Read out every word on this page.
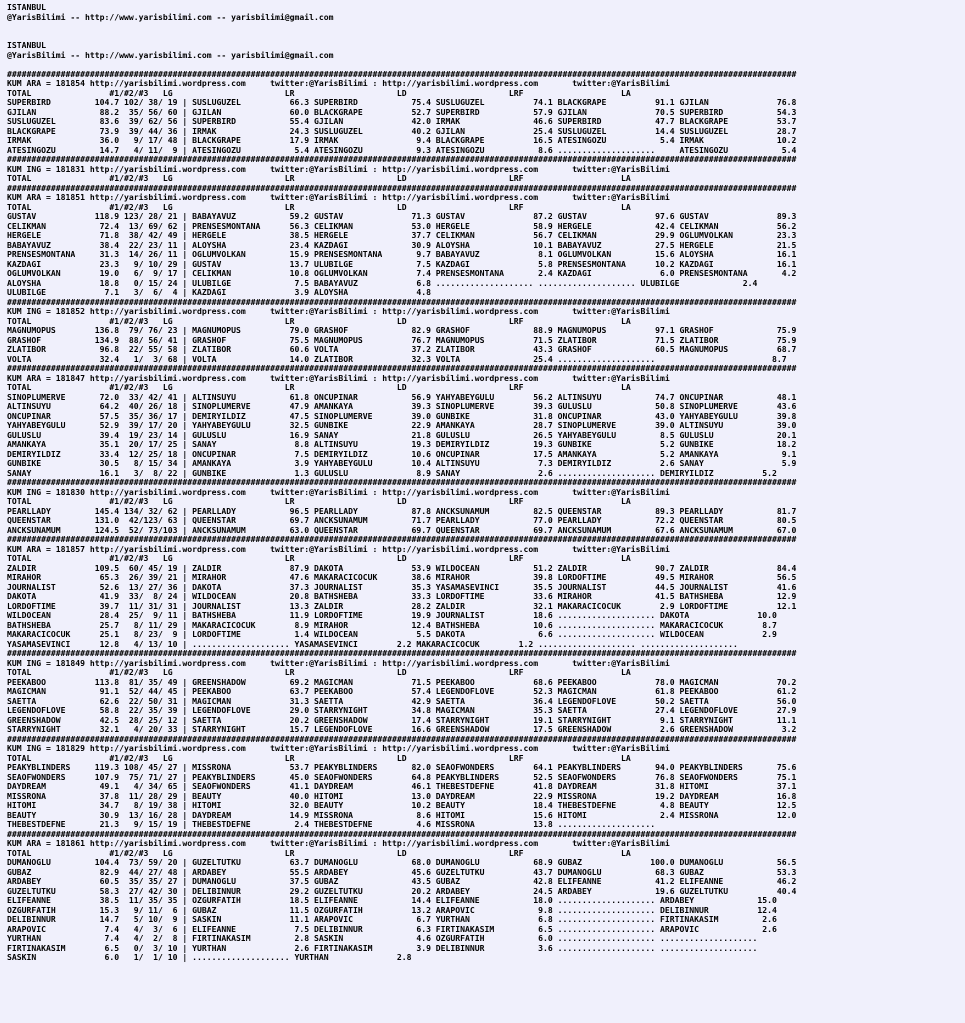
ISTANBUL
@YarisBilimi -- http://www.yarisbilimi.com -- yarisbilimi@gmail.com
ISTANBUL
@YarisBilimi -- http://www.yarisbilimi.com -- yarisbilimi@gmail.com

##################################################################################################################################################################
KUM ARA = 181854 http://yarisbilimi.wordpress.com     twitter:@YarisBilimi : http://yarisbilimi.wordpress.com       twitter:@YarisBilimi
TOTAL                #1/#2/#3   LG                       LR                     LD                     LRF                    LA
SUPERBIRD         104.7 102/ 38/ 19 | SUSLUGUZEL          66.3 SUPERBIRD           75.4 SUSLUGUZEL          74.1 BLACKGRAPE          91.1 GJILAN              76.8
GJILAN             88.2  35/ 56/ 60 | GJILAN              60.0 BLACKGRAPE          52.7 SUPERBIRD           57.9 GJILAN              70.5 SUPERBIRD           54.3
SUSLUGUZEL         83.6  39/ 62/ 56 | SUPERBIRD           55.4 GJILAN              42.0 IRMAK               46.6 SUPERBIRD           47.7 BLACKGRAPE          53.7
BLACKGRAPE         73.9  39/ 44/ 36 | IRMAK               24.3 SUSLUGUZEL          40.2 GJILAN              25.4 SUSLUGUZEL          14.4 SUSLUGUZEL          28.7
IRMAK              36.0   9/ 17/ 48 | BLACKGRAPE          17.9 IRMAK                9.4 BLACKGRAPE          16.5 ATESINGOZU           5.4 IRMAK               10.2
ATESINGOZU         14.7   4/ 11/  9 | ATESINGOZU           5.4 ATESINGOZU           9.3 ATESINGOZU           8.6 ....................     ATESINGOZU           5.4
##################################################################################################################################################################
KUM ING = 181831 http://yarisbilimi.wordpress.com     twitter:@YarisBilimi : http://yarisbilimi.wordpress.com       twitter:@YarisBilimi
TOTAL                #1/#2/#3   LG                       LR                     LD                     LRF                    LA
##################################################################################################################################################################
KUM ARA = 181851 http://yarisbilimi.wordpress.com     twitter:@YarisBilimi : http://yarisbilimi.wordpress.com       twitter:@YarisBilimi
TOTAL                #1/#2/#3   LG                       LR                     LD                     LRF                    LA
GUSTAV            118.9 123/ 28/ 21 | BABAYAVUZ           59.2 GUSTAV              71.3 GUSTAV              87.2 GUSTAV              97.6 GUSTAV              89.3
CELIKMAN           72.4  13/ 69/ 62 | PRENSESMONTANA      56.3 CELIKMAN            53.0 HERGELE             58.9 HERGELE             42.4 CELIKMAN            56.2
HERGELE            71.8  38/ 42/ 49 | HERGELE             38.5 HERGELE             37.7 CELIKMAN            56.7 CELIKMAN            29.9 OGLUMVOLKAN         23.3
BABAYAVUZ          38.4  22/ 23/ 11 | ALOYSHA             23.4 KAZDAGI             30.9 ALOYSHA             10.1 BABAYAVUZ           27.5 HERGELE             21.5
PRENSESMONTANA     31.3  14/ 26/ 11 | OGLUMVOLKAN         15.9 PRENSESMONTANA       9.7 BABAYAVUZ            8.1 OGLUMVOLKAN         15.6 ALOYSHA             16.1
KAZDAGI            23.3   9/ 10/ 29 | GUSTAV              13.7 ULUBILGE             7.5 KAZDAGI              5.8 PRENSESMONTANA      10.2 KAZDAGI             16.1
OGLUMVOLKAN        19.0   6/  9/ 17 | CELIKMAN            10.8 OGLUMVOLKAN          7.4 PRENSESMONTANA       2.4 KAZDAGI              6.0 PRENSESMONTANA       4.2
ALOYSHA            18.8   0/ 15/ 24 | ULUBILGE             7.5 BABAYAVUZ            6.8 .................... .................... ULUBILGE             2.4
ULUBILGE            7.1   3/  6/  4 | KAZDAGI              3.9 ALOYSHA              4.8
##################################################################################################################################################################
KUM ING = 181852 http://yarisbilimi.wordpress.com     twitter:@YarisBilimi : http://yarisbilimi.wordpress.com       twitter:@YarisBilimi
TOTAL                #1/#2/#3   LG                       LR                     LD                     LRF                    LA
MAGNUMOPUS        136.8  79/ 76/ 23 | MAGNUMOPUS          79.0 GRASHOF             82.9 GRASHOF             88.9 MAGNUMOPUS          97.1 GRASHOF             75.9
GRASHOF           134.9  88/ 56/ 41 | GRASHOF             75.5 MAGNUMOPUS          76.7 MAGNUMOPUS          71.5 ZLATIBOR            71.5 ZLATIBOR            75.9
ZLATIBOR           96.8  22/ 55/ 58 | ZLATIBOR            60.6 VOLTA               37.2 ZLATIBOR            43.3 GRASHOF             60.5 MAGNUMOPUS          68.7
VOLTA              32.4   1/  3/ 68 | VOLTA               14.0 ZLATIBOR            32.3 VOLTA               25.4 ....................                        8.7
##################################################################################################################################################################
KUM ARA = 181847 http://yarisbilimi.wordpress.com     twitter:@YarisBilimi : http://yarisbilimi.wordpress.com       twitter:@YarisBilimi
TOTAL                #1/#2/#3   LG                       LR                     LD                     LRF                    LA
SINOPLUMERVE       72.0  33/ 42/ 41 | ALTINSUYU           61.8 ONCUPINAR           56.9 YAHYABEYGULU        56.2 ALTINSUYU           74.7 ONCUPINAR           48.1
ALTINSUYU          64.2  40/ 26/ 18 | SINOPLUMERVE        47.9 AMANKAYA            39.3 SINOPLUMERVE        39.3 GULUSLU             50.8 SINOPLUMERVE        43.6
ONCUPINAR          57.5  35/ 36/ 17 | DEMIRYILDIZ         47.5 SINOPLUMERVE        39.0 GUNBIKE             31.8 ONCUPINAR           43.0 YAHYABEYGULU        39.8
YAHYABEYGULU       52.9  39/ 17/ 20 | YAHYABEYGULU        32.5 GUNBIKE             22.9 AMANKAYA            28.7 SINOPLUMERVE        39.0 ALTINSUYU           39.0
GULUSLU            39.4  19/ 23/ 14 | GULUSLU             16.9 SANAY               21.8 GULUSLU             26.5 YAHYABEYGULU         8.5 GULUSLU             20.1
AMANKAYA           35.1  20/ 17/ 25 | SANAY                8.8 ALTINSUYU           19.3 DEMIRYILDIZ         19.3 GUNBIKE              5.2 GUNBIKE             18.2
DEMIRYILDIZ        33.4  12/ 25/ 18 | ONCUPINAR            7.5 DEMIRYILDIZ         10.6 ONCUPINAR           17.5 AMANKAYA             5.2 AMANKAYA             9.1
GUNBIKE            30.5   8/ 15/ 34 | AMANKAYA             3.9 YAHYABEYGULU        10.4 ALTINSUYU            7.3 DEMIRYILDIZ          2.6 SANAY                5.9
SANAY              16.1   3/  8/ 22 | GUNBIKE              1.3 GULUSLU              8.9 SANAY                2.6 .................... DEMIRYILDIZ          5.2
##################################################################################################################################################################
KUM ING = 181830 http://yarisbilimi.wordpress.com     twitter:@YarisBilimi : http://yarisbilimi.wordpress.com       twitter:@YarisBilimi
TOTAL                #1/#2/#3   LG                       LR                     LD                     LRF                    LA
PEARLLADY         145.4 134/ 32/ 62 | PEARLLADY           96.5 PEARLLADY           87.8 ANCKSUNAMUM         82.5 QUEENSTAR           89.3 PEARLLADY           81.7
QUEENSTAR         131.0  42/123/ 63 | QUEENSTAR           69.7 ANCKSUNAMUM         71.7 PEARLLADY           77.0 PEARLLADY           72.2 QUEENSTAR           80.5
ANCKSUNAMUM       124.5  52/ 73/103 | ANCKSUNAMUM         63.0 QUEENSTAR           69.7 QUEENSTAR           69.7 ANCKSUNAMUM         67.6 ANCKSUNAMUM         67.0
##################################################################################################################################################################
KUM ARA = 181857 http://yarisbilimi.wordpress.com     twitter:@YarisBilimi : http://yarisbilimi.wordpress.com       twitter:@YarisBilimi
TOTAL                #1/#2/#3   LG                       LR                     LD                     LRF                    LA
ZALDIR            109.5  60/ 45/ 19 | ZALDIR              87.9 DAKOTA              53.9 WILDOCEAN           51.2 ZALDIR              90.7 ZALDIR              84.4
MIRAHOR            65.3  26/ 39/ 21 | MIRAHOR             47.6 MAKARACICOCUK       38.6 MIRAHOR             39.8 LORDOFTIME          49.5 MIRAHOR             56.5
JOURNALIST         52.6  13/ 27/ 36 | DAKOTA              37.3 JOURNALIST          35.3 YASAMASEVINCI       35.5 JOURNALIST          44.5 JOURNALIST          41.6
DAKOTA             41.9  33/  8/ 24 | WILDOCEAN           20.8 BATHSHEBA           33.3 LORDOFTIME          33.6 MIRAHOR             41.5 BATHSHEBA           12.9
LORDOFTIME         39.7  11/ 31/ 31 | JOURNALIST          13.3 ZALDIR              28.2 ZALDIR              32.1 MAKARACICOCUK        2.9 LORDOFTIME          12.1
WILDOCEAN          28.4  25/  9/ 11 | BATHSHEBA           11.9 LORDOFTIME          19.9 JOURNALIST          18.6 .................... DAKOTA              10.0
BATHSHEBA          25.7   8/ 11/ 29 | MAKARACICOCUK        8.9 MIRAHOR             12.4 BATHSHEBA           10.6 .................... MAKARACICOCUK        8.7
MAKARACICOCUK      25.1   8/ 23/  9 | LORDOFTIME           1.4 WILDOCEAN            5.5 DAKOTA               6.6 .................... WILDOCEAN            2.9
YASAMASEVINCI      12.8   4/ 13/ 10 | .................... YASAMASEVINCI        2.2 MAKARACICOCUK        1.2 .................... ....................
##################################################################################################################################################################
KUM ING = 181849 http://yarisbilimi.wordpress.com     twitter:@YarisBilimi : http://yarisbilimi.wordpress.com       twitter:@YarisBilimi
TOTAL                #1/#2/#3   LG                       LR                     LD                     LRF                    LA
PEEKABOO          113.8  81/ 35/ 49 | GREENSHADOW         69.2 MAGICMAN            71.5 PEEKABOO            68.6 PEEKABOO            78.0 MAGICMAN            70.2
MAGICMAN           91.1  52/ 44/ 45 | PEEKABOO            63.7 PEEKABOO            57.4 LEGENDOFLOVE        52.3 MAGICMAN            61.8 PEEKABOO            61.2
SAETTA             62.6  22/ 50/ 31 | MAGICMAN            31.3 SAETTA              42.9 SAETTA              36.4 LEGENDOFLOVE        50.2 SAETTA              56.0
LEGENDOFLOVE       58.8  22/ 35/ 39 | LEGENDOFLOVE        29.0 STARRYNIGHT         34.8 MAGICMAN            35.3 SAETTA              27.4 LEGENDOFLOVE        27.9
GREENSHADOW        42.5  28/ 25/ 12 | SAETTA              20.2 GREENSHADOW         17.4 STARRYNIGHT         19.1 STARRYNIGHT          9.1 STARRYNIGHT         11.1
STARRYNIGHT        32.1   4/ 20/ 33 | STARRYNIGHT         15.7 LEGENDOFLOVE        16.6 GREENSHADOW         17.5 GREENSHADOW          2.6 GREENSHADOW          3.2
##################################################################################################################################################################
KUM ING = 181829 http://yarisbilimi.wordpress.com     twitter:@YarisBilimi : http://yarisbilimi.wordpress.com       twitter:@YarisBilimi
TOTAL                #1/#2/#3   LG                       LR                     LD                     LRF                    LA
PEAKYBLINDERS     119.3 108/ 45/ 27 | MISSRONA            53.7 PEAKYBLINDERS       82.0 SEAOFWONDERS        64.1 PEAKYBLINDERS       94.0 PEAKYBLINDERS       75.6
SEAOFWONDERS      107.9  75/ 71/ 27 | PEAKYBLINDERS       45.0 SEAOFWONDERS        64.8 PEAKYBLINDERS       52.5 SEAOFWONDERS        76.8 SEAOFWONDERS        75.1
DAYDREAM           49.1   4/ 34/ 65 | SEAOFWONDERS        41.1 DAYDREAM            46.1 THEBESTDEFNE        41.8 DAYDREAM            31.8 HITOMI              37.1
MISSRONA           37.8  11/ 28/ 29 | BEAUTY              40.0 HITOMI              13.0 DAYDREAM            22.9 MISSRONA            19.2 DAYDREAM            16.8
HITOMI             34.7   8/ 19/ 38 | HITOMI              32.0 BEAUTY              10.2 BEAUTY              18.4 THEBESTDEFNE         4.8 BEAUTY              12.5
BEAUTY             30.9  13/ 16/ 28 | DAYDREAM            14.9 MISSRONA             8.6 HITOMI              15.6 HITOMI               2.4 MISSRONA            12.0
THEBESTDEFNE       21.3   9/ 15/ 19 | THEBESTDEFNE         2.4 THEBESTDEFNE         4.6 MISSRONA            13.8 ....................
##################################################################################################################################################################
KUM ARA = 181861 http://yarisbilimi.wordpress.com     twitter:@YarisBilimi : http://yarisbilimi.wordpress.com       twitter:@YarisBilimi
TOTAL                #1/#2/#3   LG                       LR                     LD                     LRF                    LA
DUMANOGLU         104.4  73/ 59/ 20 | GUZELTUTKU          63.7 DUMANOGLU           68.0 DUMANOGLU           68.9 GUBAZ              100.0 DUMANOGLU           56.5
GUBAZ              82.9  44/ 27/ 48 | ARDABEY             55.5 ARDABEY             45.6 GUZELTUTKU          43.7 DUMANOGLU           68.3 GUBAZ               53.3
ARDABEY            60.5  35/ 35/ 27 | DUMANOGLU           37.5 GUBAZ               43.5 GUBAZ               42.8 ELIFEANNE           41.2 ELIFEANNE           46.2
GUZELTUTKU         58.3  27/ 42/ 30 | DELIBINNUR          29.2 GUZELTUTKU          20.2 ARDABEY             24.5 ARDABEY             19.6 GUZELTUTKU          40.4
ELIFEANNE          38.5  11/ 35/ 35 | OZGURFATIH          18.5 ELIFEANNE           14.4 ELIFEANNE           18.0 .................... ARDABEY             15.0
OZGURFATIH         15.3   9/ 11/  6 | GUBAZ               11.5 OZGURFATIH          13.2 ARAPOVIC             9.8 .................... DELIBINNUR          12.4
DELIBINNUR         14.7   5/ 10/  9 | SASKIN              11.1 ARAPOVIC             6.7 YURTHAN              6.8 .................... FIRTINAKASIM         2.6
ARAPOVIC            7.4   4/  3/  6 | ELIFEANNE            7.5 DELIBINNUR           6.3 FIRTINAKASIM         6.5 .................... ARAPOVIC             2.6
YURTHAN             7.4   4/  2/  8 | FIRTINAKASIM         2.8 SASKIN               4.6 OZGURFATIH           6.0 .................... ....................
FIRTINAKASIM        6.5   0/  3/ 10 | YURTHAN              2.6 FIRTINAKASIM         3.9 DELIBINNUR           3.6 .................... ....................
SASKIN              6.0   1/  1/ 10 | .................... YURTHAN              2.8
